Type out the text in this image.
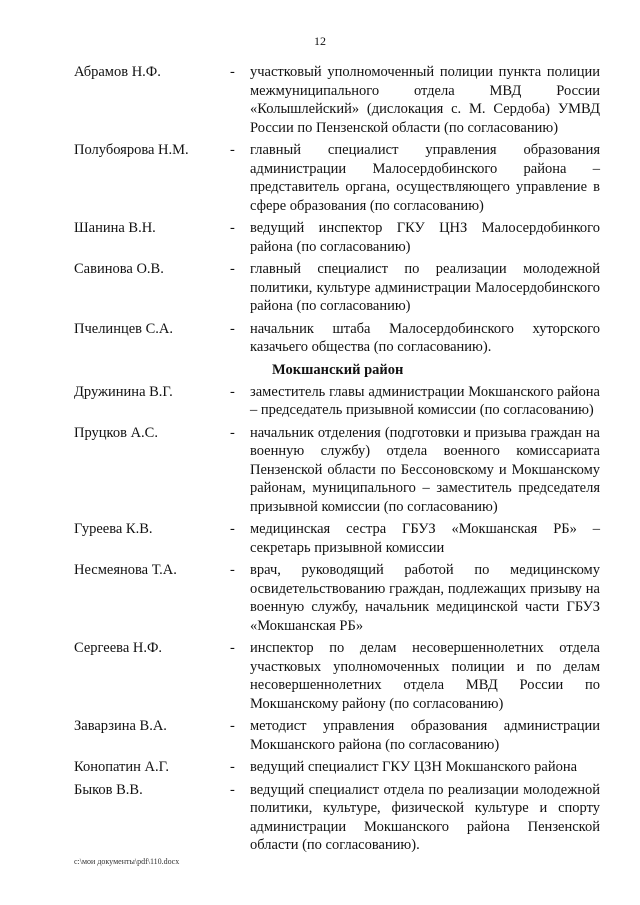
12
Абрамов Н.Ф.	-	участковый уполномоченный полиции пункта полиции межмуниципального отдела МВД России «Колышлейский» (дислокация с. М. Сердоба) УМВД России по Пензенской области (по согласованию)
Полубоярова Н.М.	-	главный специалист управления образования администрации Малосердобинского района – представитель органа, осуществляющего управление в сфере образования (по согласованию)
Шанина В.Н.	-	ведущий инспектор ГКУ ЦНЗ Малосердобинкого района (по согласованию)
Савинова О.В.	-	главный специалист по реализации молодежной политики, культуре администрации Малосердобинского района (по согласованию)
Пчелинцев С.А.	-	начальник штаба Малосердобинского хуторского казачьего общества (по согласованию).
Мокшанский район
Дружинина В.Г.	-	заместитель главы администрации Мокшанского района – председатель призывной комиссии (по согласованию)
Пруцков А.С.	-	начальник отделения (подготовки и призыва граждан на военную службу) отдела военного комиссариата Пензенской области по Бессоновскому и Мокшанскому районам, муниципального – заместитель председателя призывной комиссии (по согласованию)
Гуреева К.В.	-	медицинская сестра ГБУЗ «Мокшанская РБ» – секретарь призывной комиссии
Несмеянова Т.А.	-	врач, руководящий работой по медицинскому освидетельствованию граждан, подлежащих призыву на военную службу, начальник медицинской части ГБУЗ «Мокшанская РБ»
Сергеева Н.Ф.	-	инспектор по делам несовершеннолетних отдела участковых уполномоченных полиции и по делам несовершеннолетних отдела МВД России по Мокшанскому району (по согласованию)
Заварзина В.А.	-	методист управления образования администрации Мокшанского района (по согласованию)
Конопатин А.Г.	-	ведущий специалист ГКУ ЦЗН Мокшанского района
Быков В.В.	-	ведущий специалист отдела по реализации молодежной политики, культуре, физической культуре и спорту администрации Мокшанского района Пензенской области (по согласованию).
c:\мои документы\pdf\110.docx
